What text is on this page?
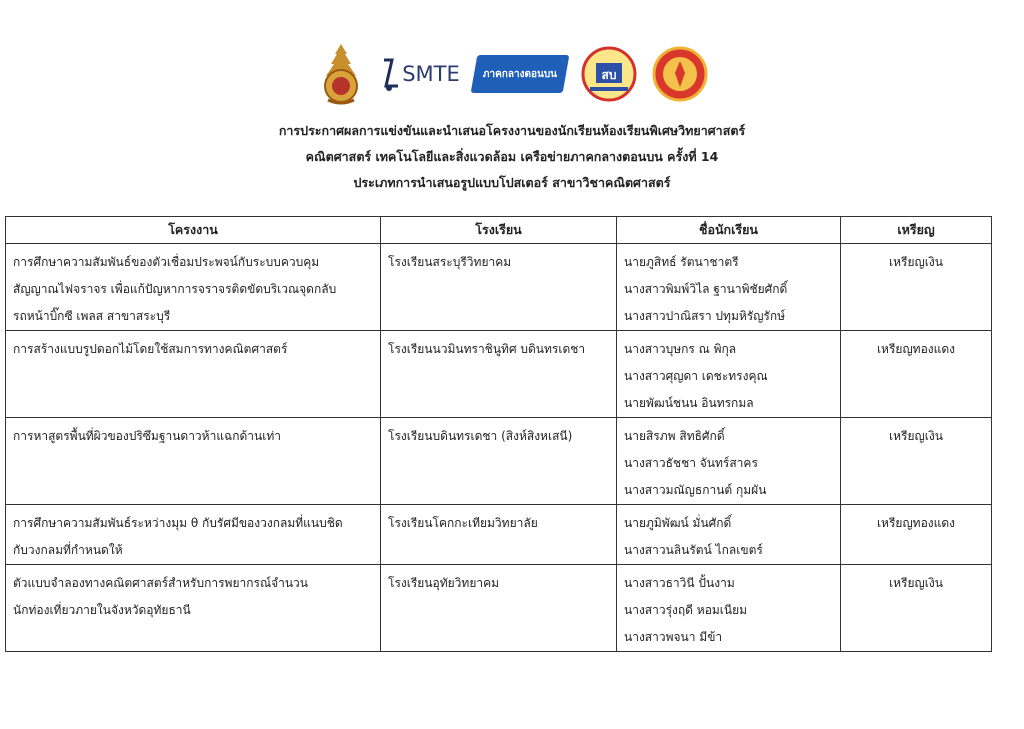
SMTE ภาคกลางตอนบน	สบ
การประกาศผลการแข่งขันและนำเสนอโครงงานของนักเรียนห้องเรียนพิเศษวิทยาศาสตร์
คณิตศาสตร์ เทคโนโลยีและสิ่งแวดล้อม เครือข่ายภาคกลางตอนบน ครั้งที่ 14
ประเภทการนำเสนอรูปแบบโปสเตอร์ สาขาวิชาคณิตศาสตร์
โครงงาน	โรงเรียน	ชื่อนักเรียน	เหรียญ

การศึกษาความสัมพันธ์ของตัวเชื่อมประพจน์กับระบบควบคุม
สัญญาณไฟจราจร เพื่อแก้ปัญหาการจราจรติดขัดบริเวณจุดกลับ
รถหน้าบิ๊กซี เพลส สาขาสระบุรี	โรงเรียนสระบุรีวิทยาคม	นายภูสิทธ์ รัตนาชาตรี
นางสาวพิมพ์วิไล ฐานาพิชัยศักดิ์
นางสาวปาณิสรา ปทุมหิรัญรักษ์	เหรียญเงิน

การสร้างแบบรูปดอกไม้โดยใช้สมการทางคณิตศาสตร์	โรงเรียนนวมินทราชินูทิศ บดินทรเดชา	นางสาวบุษกร ณ พิกุล
นางสาวศุญดา เดชะทรงคุณ
นายพัฒน์ชนน อินทรกมล	เหรียญทองแดง

การหาสูตรพื้นที่ผิวของปริซึมฐานดาวห้าแฉกด้านเท่า	โรงเรียนบดินทรเดชา (สิงห์สิงหเสนี)	นายสิรภพ สิทธิศักดิ์
นางสาวธัชชา จันทร์สาคร
นางสาวมณัญธกานต์ กุมผัน	เหรียญเงิน

การศึกษาความสัมพันธ์ระหว่างมุม θ กับรัศมีของวงกลมที่แนบชิด
กับวงกลมที่กำหนดให้	โรงเรียนโคกกะเทียมวิทยาลัย	นายภูมิพัฒน์ มั่นศักดิ์
นางสาวนลินรัตน์ ไกลเขตร์	เหรียญทองแดง

ตัวแบบจำลองทางคณิตศาสตร์สำหรับการพยากรณ์จำนวน
นักท่องเที่ยวภายในจังหวัดอุทัยธานี	โรงเรียนอุทัยวิทยาคม	นางสาวธาวินี ปั้นงาม
นางสาวรุ่งฤดี หอมเนียม
นางสาวพจนา มีข้า	เหรียญเงิน
